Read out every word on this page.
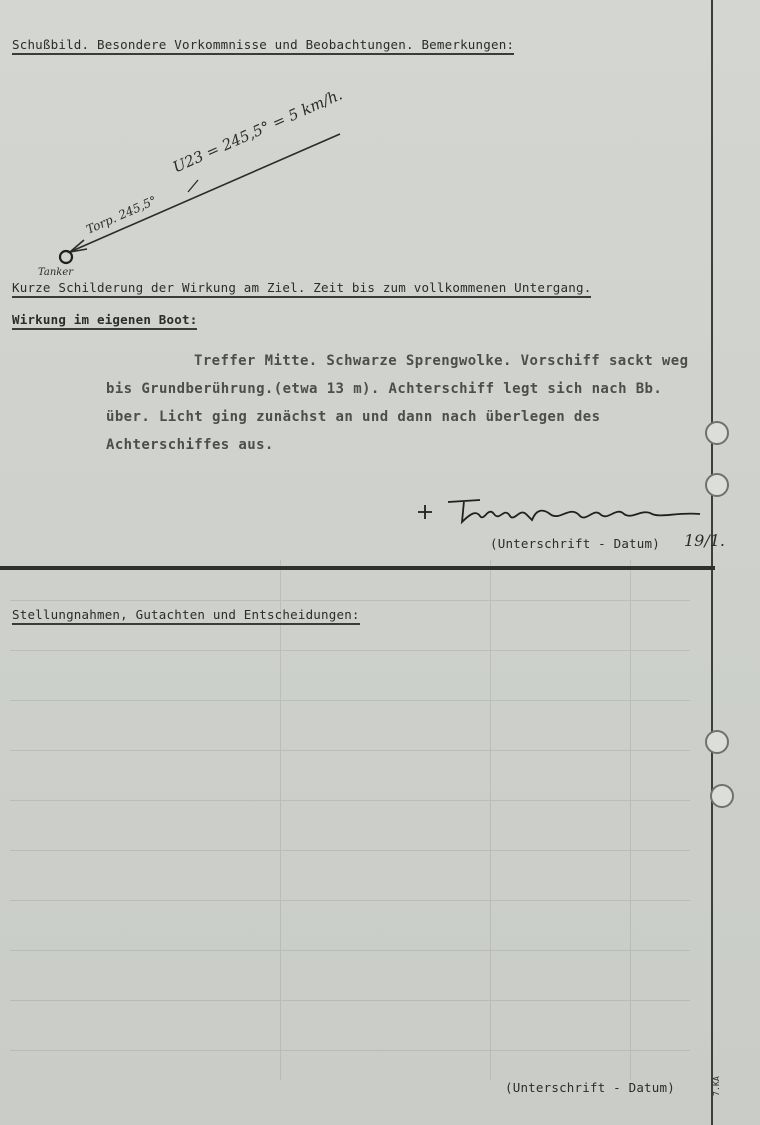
Schußbild. Besondere Vorkommnisse und Beobachtungen. Bemerkungen:
U23 = 245,5° = 5 km/h.
Torp. 245,5°
Tanker
Kurze Schilderung der Wirkung am Ziel. Zeit bis zum vollkommenen Untergang.
Wirkung im eigenen Boot:
Treffer Mitte. Schwarze Sprengwolke. Vorschiff sackt weg bis Grundberührung.(etwa 13 m). Achterschiff legt sich nach Bb. über. Licht ging zunächst an und dann nach überlegen des Achterschiffes aus.
(Unterschrift - Datum) 19/1.
Stellungnahmen, Gutachten und Entscheidungen:
(Unterschrift - Datum)	7.KA
